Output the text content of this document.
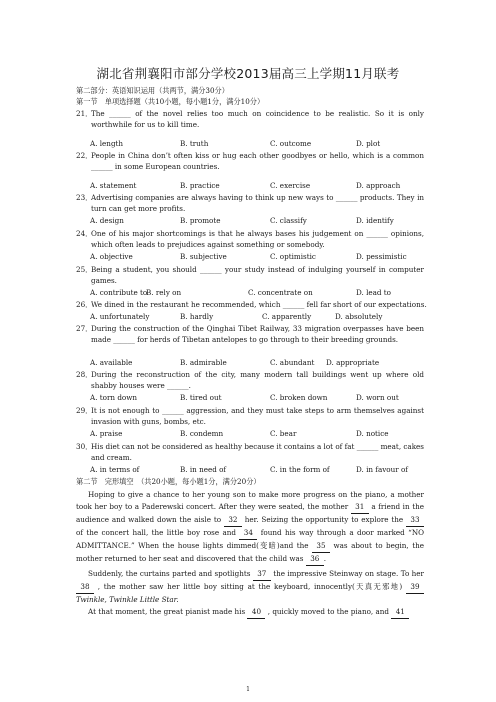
湖北省荆襄阳市部分学校2013届高三上学期11月联考
第二部分：英语知识运用（共两节，满分30分）
第一节　单项选择题（共10小题，每小题1分，满分10分）
21．
The ______ of the novel relies too much on coincidence to be realistic. So it is only worthwhile for us to kill time.
A. length	B. truth	C. outcome	D. plot
22．
People in China don’t often kiss or hug each other goodbyes or hello, which is a common ______ in some European countries.
A. statement	B. practice	C. exercise	D. approach
23．
Advertising companies are always having to think up new ways to ______ products. They in turn can get more profits.
A. design	B. promote	C. classify	D. identify
24．
One of his major shortcomings is that he always bases his judgement on ______ opinions, which often leads to prejudices against something or somebody.
A. objective	B. subjective	C. optimistic	D. pessimistic
25．
Being a student, you should ______ your study instead of indulging yourself in computer games.
A. contribute to
B. rely on	C. concentrate on	D. lead to
26．
We dined in the restaurant he recommended, which ______ fell far short of our expectations.
A. unfortunately	B. hardly	C. apparently	D. absolutely
27．
During the construction of the Qinghai Tibet Railway, 33 migration overpasses have been made ______ for herds of Tibetan antelopes to go through to their breeding grounds.
A. available	B. admirable	C. abundant D. appropriate
28．
During the reconstruction of the city, many modern tall buildings went up where old shabby houses were ______.
A. torn down	B. tired out	C. broken down	D. worn out
29．
It is not enough to ______ aggression, and they must take steps to arm themselves against invasion with guns, bombs, etc.
A. praise	B. condemn	C. bear	D. notice
30．
His diet can not be considered as healthy because it contains a lot of fat ______ meat, cakes and cream.
A. in terms of	B. in need of	C. in the form of	D. in favour of
第二节　完形填空　（共20小题，每小题1分，满分20分）
Hoping to give a chance to her young son to make more progress on the piano, a mother took her boy to a Paderewski concert. After they were seated, the mother 31 a friend in the audience and walked down the aisle to 32 her. Seizing the opportunity to explore the 33 of the concert hall, the little boy rose and 34 found his way through a door marked “NO ADMITTANCE.” When the house lights dimmed(变暗)and the 35 was about to begin, the mother returned to her seat and discovered that the child was 36 .
Suddenly, the curtains parted and spotlights 37 the impressive Steinway on stage. To her 38 , the mother saw her little boy sitting at the keyboard, innocently(天真无邪地) 39 Twinkle, Twinkle Little Star.
At that moment, the great pianist made his 40 , quickly moved to the piano, and 41
1
